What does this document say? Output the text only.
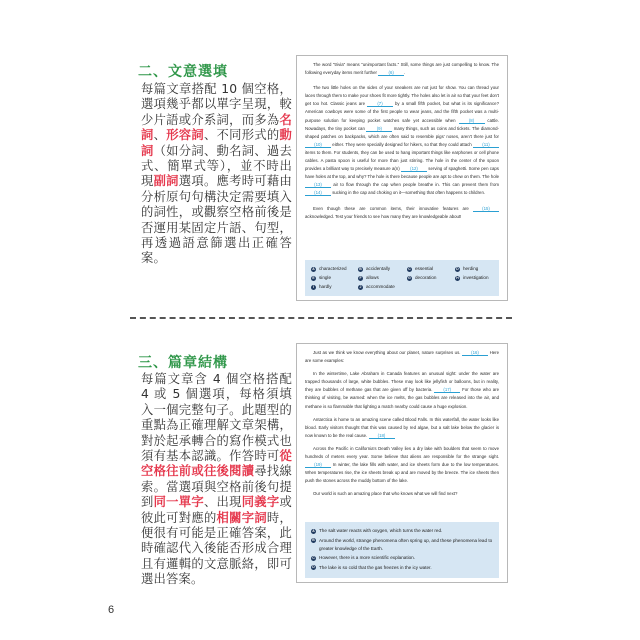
二、文意選填
每篇文章搭配 10 個空格，選項幾乎都以單字呈現，較少片語或介系詞，而多為名詞、形容詞、不同形式的動詞（如分詞、動名詞、過去式、簡單式等），並不時出現副詞選項。應考時可藉由分析原句句構決定需要填入的詞性，或觀察空格前後是否運用某固定片語、句型，再透過語意篩選出正確答案。

The word "trivia" means "unimportant facts." Still, some things are just compelling to know. The following everyday items merit further (6) .

The two little holes on the sides of your sneakers are not just for show. You can thread your laces through them to make your shoes fit more tightly. The holes also let in air so that your feet don't get too hot. Classic jeans are (7) by a small fifth pocket, but what is its significance? American cowboys were some of the first people to wear jeans, and the fifth pocket was a multi-purpose solution for keeping pocket watches safe yet accessible when (8) cattle. Nowadays, the tiny pocket can (9) many things, such as coins and tickets. The diamond-shaped patches on backpacks, which are often said to resemble pigs' noses, aren't there just for (10) either. They were specially designed for hikers, so that they could attach (11) items to them. For students, they can be used to hang important things like earphones or cell phone cables. A pasta spoon is useful for more than just stirring. The hole in the center of the spoon provides a brilliant way to precisely measure a(n) (12) serving of spaghetti. Some pen caps have holes at the top, and why? The hole is there because people are apt to chew on them. The hole (13) air to flow through the cap when people breathe in. This can prevent them from (14) sucking in the cap and choking on it—something that often happens to children.

Even though these are common items, their innovative features are (15) acknowledged. Test your friends to see how many they are knowledgeable about!

A characterized	B accidentally	C essential	D herding
E single	F allows	G decoration	H investigation
I	hardly	J accommodate
三、篇章結構
每篇文章含 4 個空格搭配 4 或 5 個選項，每格須填入一個完整句子。此題型的重點為正確理解文章架構，對於起承轉合的寫作模式也須有基本認識。作答時可從空格往前或往後閱讀尋找線索。當選項與空格前後句提到同一單字、出現同義字或彼此可對應的相關字詞時，便很有可能是正確答案，此時確認代入後能否形成合理且有邏輯的文意脈絡，即可選出答案。

Just as we think we know everything about our planet, nature surprises us. (16) Here are some examples:

In the wintertime, Lake Abraham in Canada features an unusual sight: under the water are trapped thousands of large, white bubbles. These may look like jellyfish or balloons, but in reality, they are bubbles of methane gas that are given off by bacteria. (17) For those who are thinking of visiting, be warned: when the ice melts, the gas bubbles are released into the air, and methane is so flammable that lighting a match nearby could cause a huge explosion.

Antarctica is home to an amazing scene called Blood Falls. In this waterfall, the water looks like blood. Early visitors thought that this was caused by red algae, but a salt lake below the glacier is now known to be the real cause. (18)

Across the Pacific in California's Death Valley lies a dry lake with boulders that seem to move hundreds of meters every year. Some believe that aliens are responsible for the strange sight. (19) In winter, the lake fills with water, and ice sheets form due to the low temperatures. When temperatures rise, the ice sheets break up and are moved by the breeze. The ice sheets then push the stones across the muddy bottom of the lake.

Our world is such an amazing place that who knows what we will find next?

A The salt water reacts with oxygen, which turns the water red.
B Around the world, strange phenomena often spring up, and these phenomena lead to greater knowledge of the Earth.
C However, there is a more scientific explanation.
D The lake is so cold that the gas freezes in the icy water.
6
